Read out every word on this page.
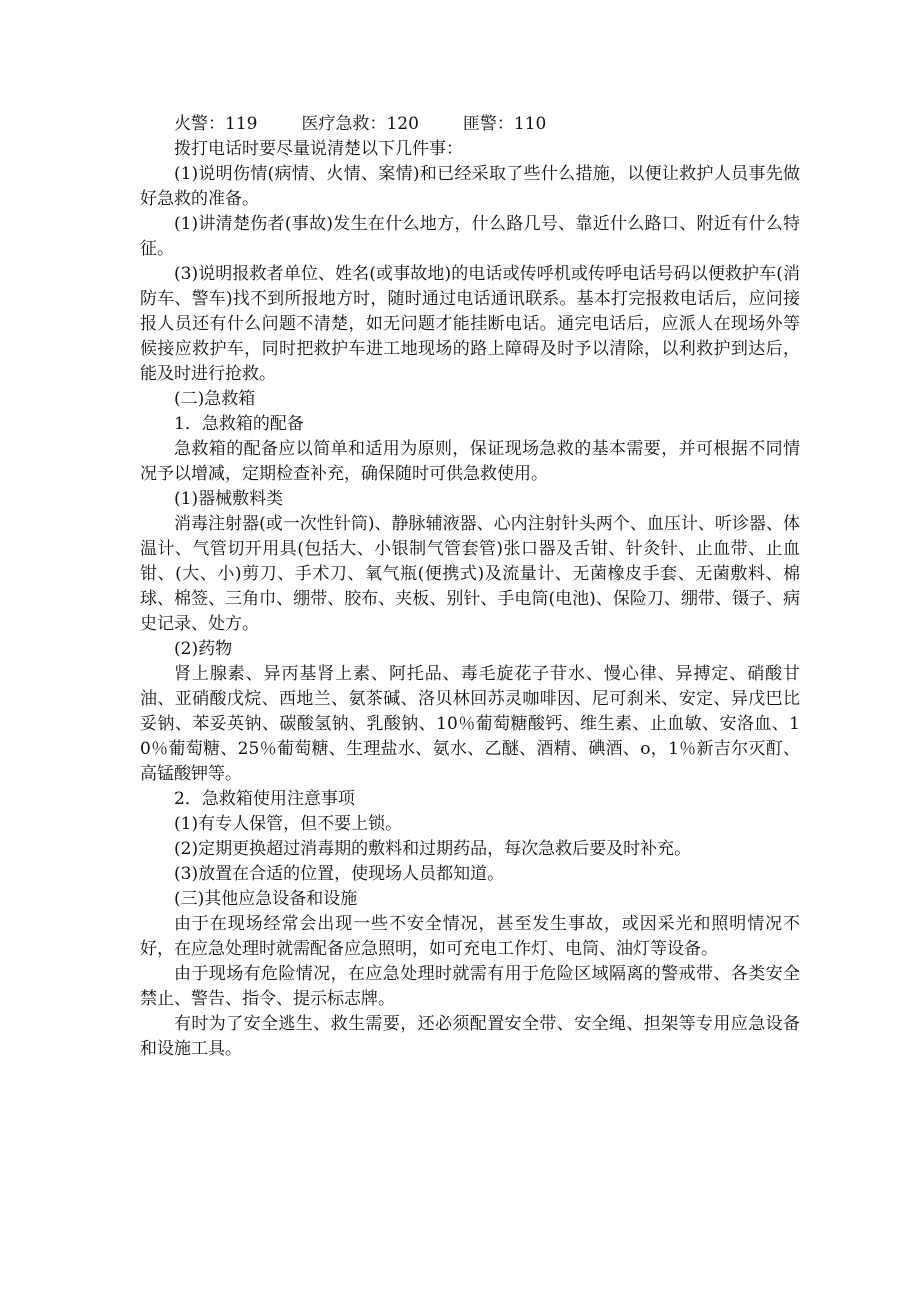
火警：119	医疗急救：120	匪警：110

拨打电话时要尽量说清楚以下几件事：

(1)说明伤情(病情、火情、案情)和已经采取了些什么措施，以便让救护人员事先做好急救的准备。

(1)讲清楚伤者(事故)发生在什么地方，什么路几号、靠近什么路口、附近有什么特征。

(3)说明报救者单位、姓名(或事故地)的电话或传呼机或传呼电话号码以便救护车(消防车、警车)找不到所报地方时，随时通过电话通讯联系。基本打完报救电话后，应问接报人员还有什么问题不清楚，如无问题才能挂断电话。通完电话后，应派人在现场外等候接应救护车，同时把救护车进工地现场的路上障碍及时予以清除，以利救护到达后，能及时进行抢救。

(二)急救箱

1．急救箱的配备

急救箱的配备应以简单和适用为原则，保证现场急救的基本需要，并可根据不同情况予以增减，定期检查补充，确保随时可供急救使用。

(1)器械敷料类

消毒注射器(或一次性针筒)、静脉辅液器、心内注射针头两个、血压计、听诊器、体温计、气管切开用具(包括大、小银制气管套管)张口器及舌钳、针灸针、止血带、止血钳、(大、小)剪刀、手术刀、氧气瓶(便携式)及流量计、无菌橡皮手套、无菌敷料、棉球、棉签、三角巾、绷带、胶布、夹板、别针、手电筒(电池)、保险刀、绷带、镊子、病史记录、处方。

(2)药物

肾上腺素、异丙基肾上素、阿托品、毒毛旋花子苷水、慢心律、异搏定、硝酸甘油、亚硝酸戊烷、西地兰、氨茶碱、洛贝林回苏灵咖啡因、尼可刹米、安定、异戊巴比妥钠、苯妥英钠、碳酸氢钠、乳酸钠、10％葡萄糖酸钙、维生素、止血敏、安洛血、10％葡萄糖、25％葡萄糖、生理盐水、氨水、乙醚、酒精、碘酒、o，1％新吉尔灭酊、高锰酸钾等。

2．急救箱使用注意事项

(1)有专人保管，但不要上锁。

(2)定期更换超过消毒期的敷料和过期药品，每次急救后要及时补充。

(3)放置在合适的位置，使现场人员都知道。

(三)其他应急设备和设施

由于在现场经常会出现一些不安全情况，甚至发生事故，或因采光和照明情况不好，在应急处理时就需配备应急照明，如可充电工作灯、电筒、油灯等设备。

由于现场有危险情况，在应急处理时就需有用于危险区域隔离的警戒带、各类安全禁止、警告、指令、提示标志牌。

有时为了安全逃生、救生需要，还必须配置安全带、安全绳、担架等专用应急设备和设施工具。
